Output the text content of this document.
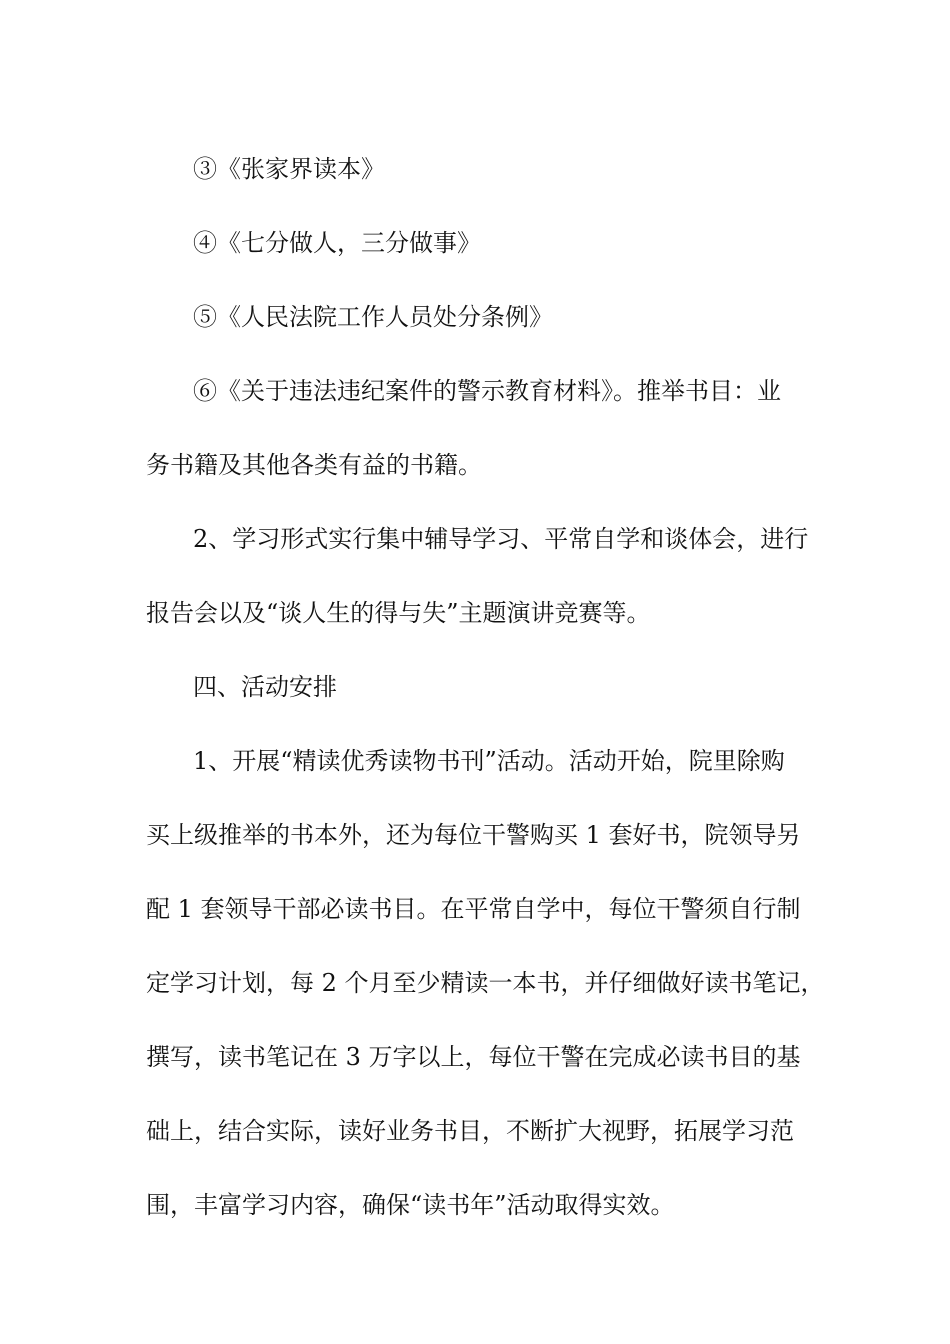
③《张家界读本》
④《七分做人，三分做事》
⑤《人民法院工作人员处分条例》
⑥《关于违法违纪案件的警示教育材料》。推举书目：业
务书籍及其他各类有益的书籍。
2、学习形式实行集中辅导学习、平常自学和谈体会，进行
报告会以及“谈人生的得与失”主题演讲竞赛等。
四、活动安排
1、开展“精读优秀读物书刊”活动。活动开始，院里除购
买上级推举的书本外，还为每位干警购买 1 套好书，院领导另
配 1 套领导干部必读书目。在平常自学中，每位干警须自行制
定学习计划，每 2 个月至少精读一本书，并仔细做好读书笔记，
撰写，读书笔记在 3 万字以上，每位干警在完成必读书目的基
础上，结合实际，读好业务书目，不断扩大视野，拓展学习范
围，丰富学习内容，确保“读书年”活动取得实效。
